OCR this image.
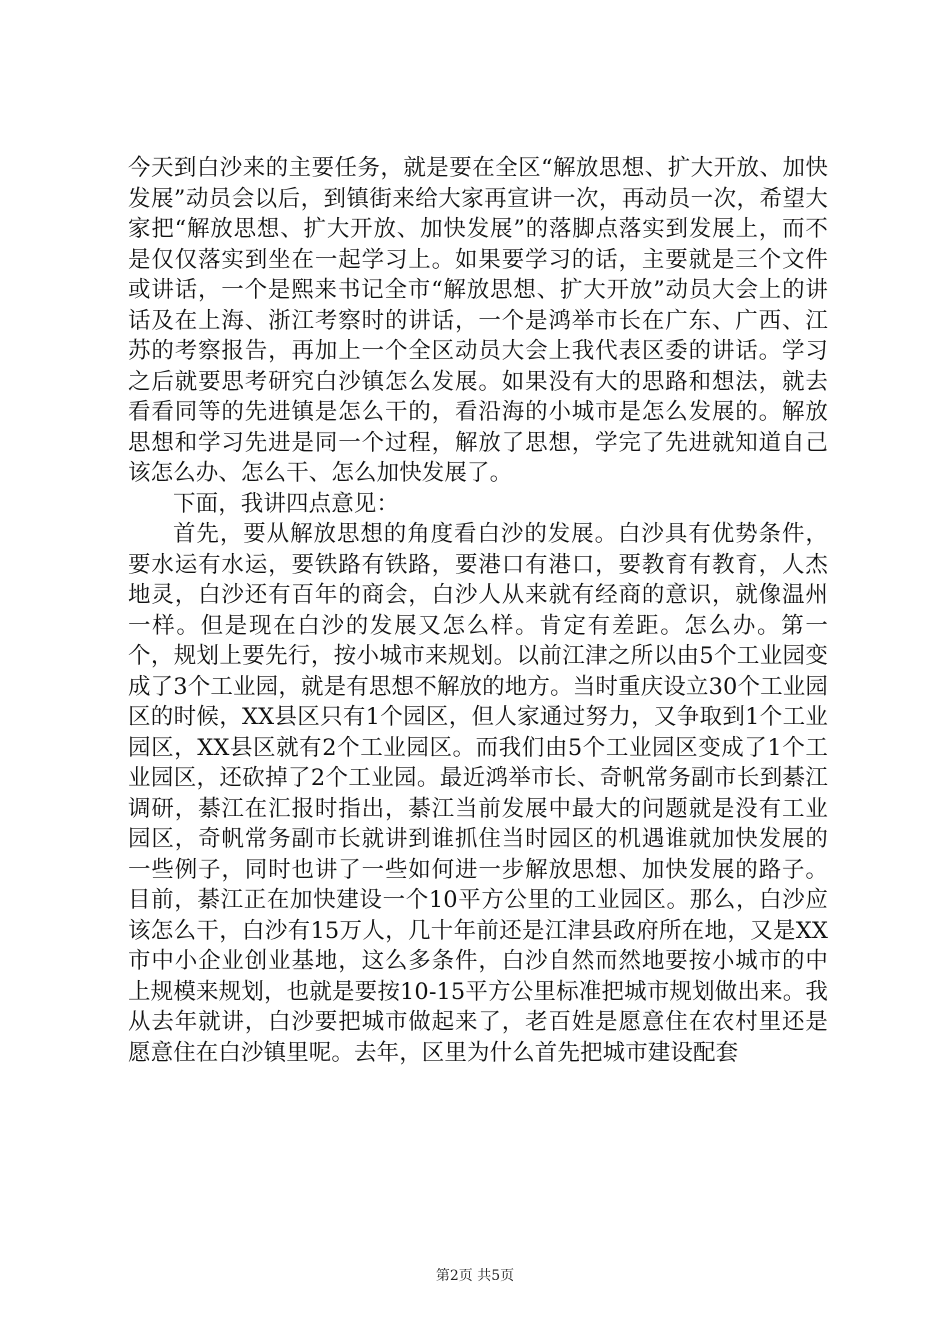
今天到白沙来的主要任务，就是要在全区“解放思想、扩大开放、加快发展”动员会以后，到镇街来给大家再宣讲一次，再动员一次，希望大家把“解放思想、扩大开放、加快发展”的落脚点落实到发展上，而不是仅仅落实到坐在一起学习上。如果要学习的话，主要就是三个文件或讲话，一个是熙来书记全市“解放思想、扩大开放”动员大会上的讲话及在上海、浙江考察时的讲话，一个是鸿举市长在广东、广西、江苏的考察报告，再加上一个全区动员大会上我代表区委的讲话。学习之后就要思考研究白沙镇怎么发展。如果没有大的思路和想法，就去看看同等的先进镇是怎么干的，看沿海的小城市是怎么发展的。解放思想和学习先进是同一个过程，解放了思想，学完了先进就知道自己该怎么办、怎么干、怎么加快发展了。

下面，我讲四点意见：

首先，要从解放思想的角度看白沙的发展。白沙具有优势条件，要水运有水运，要铁路有铁路，要港口有港口，要教育有教育，人杰地灵，白沙还有百年的商会，白沙人从来就有经商的意识，就像温州一样。但是现在白沙的发展又怎么样。肯定有差距。怎么办。第一个，规划上要先行，按小城市来规划。以前江津之所以由5个工业园变成了3个工业园，就是有思想不解放的地方。当时重庆设立30个工业园区的时候，XX县区只有1个园区，但人家通过努力，又争取到1个工业园区，XX县区就有2个工业园区。而我们由5个工业园区变成了1个工业园区，还砍掉了2个工业园。最近鸿举市长、奇帆常务副市长到綦江调研，綦江在汇报时指出，綦江当前发展中最大的问题就是没有工业园区，奇帆常务副市长就讲到谁抓住当时园区的机遇谁就加快发展的一些例子，同时也讲了一些如何进一步解放思想、加快发展的路子。目前，綦江正在加快建设一个10平方公里的工业园区。那么，白沙应该怎么干，白沙有15万人，几十年前还是江津县政府所在地，又是XX市中小企业创业基地，这么多条件，白沙自然而然地要按小城市的中上规模来规划，也就是要按10-15平方公里标准把城市规划做出来。我从去年就讲，白沙要把城市做起来了，老百姓是愿意住在农村里还是愿意住在白沙镇里呢。去年，区里为什么首先把城市建设配套

第2页 共5页
